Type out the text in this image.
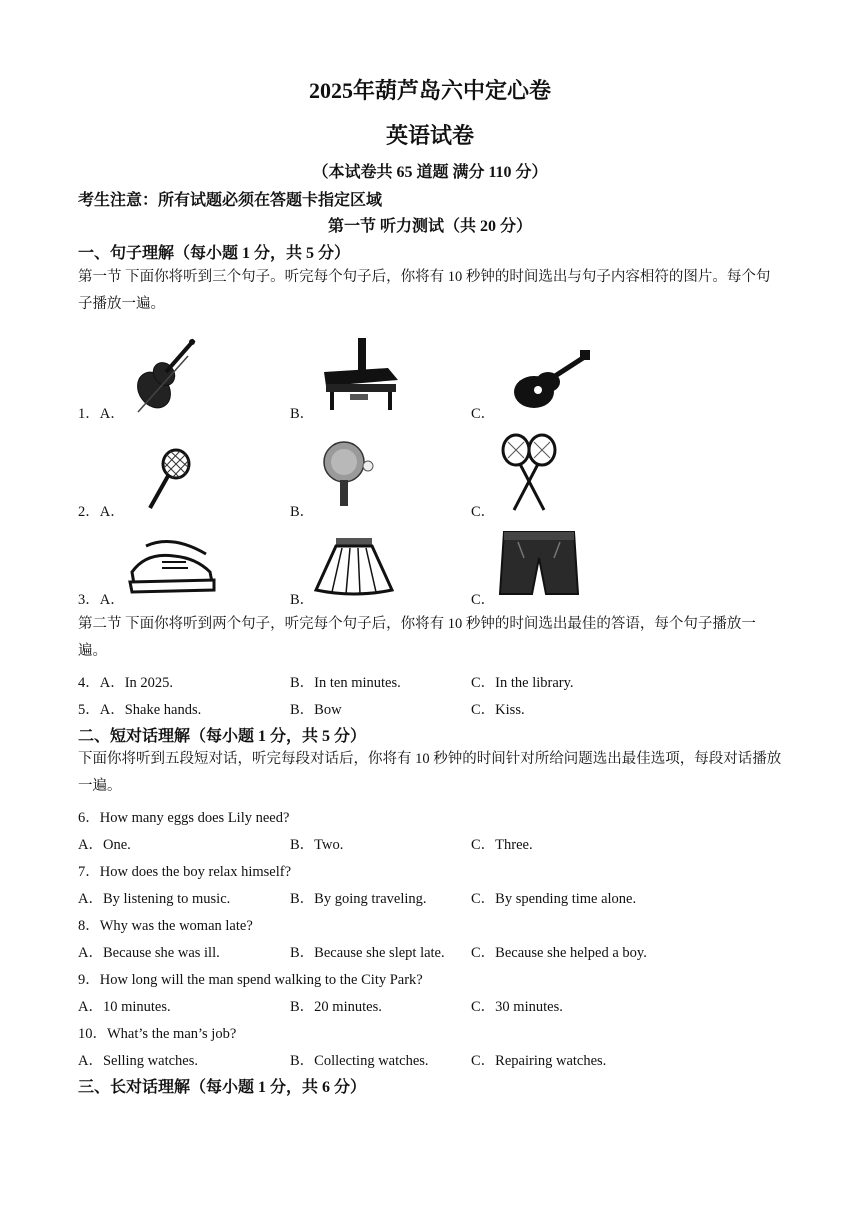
2025年葫芦岛六中定心卷
英语试卷
（本试卷共 65 道题 满分 110 分）
考生注意：所有试题必须在答题卡指定区域
第一节 听力测试（共 20 分）
一、句子理解（每小题 1 分，共 5 分）
第一节 下面你将听到三个句子。听完每个句子后，你将有 10 秒钟的时间选出与句子内容相符的图片。每个句子播放一遍。
1．A．	B．	C．
2．A．	B．	C．
3．A．	B．	C．
第二节 下面你将听到两个句子，听完每个句子后，你将有 10 秒钟的时间选出最佳的答语，每个句子播放一遍。
4．A．In 2025.	B．In ten minutes.	C．In the library.
5．A．Shake hands.	B．Bow	C．Kiss.
二、短对话理解（每小题 1 分，共 5 分）
下面你将听到五段短对话，听完每段对话后，你将有 10 秒钟的时间针对所给问题选出最佳选项，每段对话播放一遍。
6．How many eggs does Lily need?
A．One.	B．Two.	C．Three.
7．How does the boy relax himself?
A．By listening to music.	B．By going traveling.	C．By spending time alone.
8．Why was the woman late?
A．Because she was ill.	B．Because she slept late. C．Because she helped a boy.
9．How long will the man spend walking to the City Park?
A．10 minutes.	B．20 minutes.	C．30 minutes.
10．What’s the man’s job?
A．Selling watches.	B．Collecting watches.	C．Repairing watches.
三、长对话理解（每小题 1 分，共 6 分）
